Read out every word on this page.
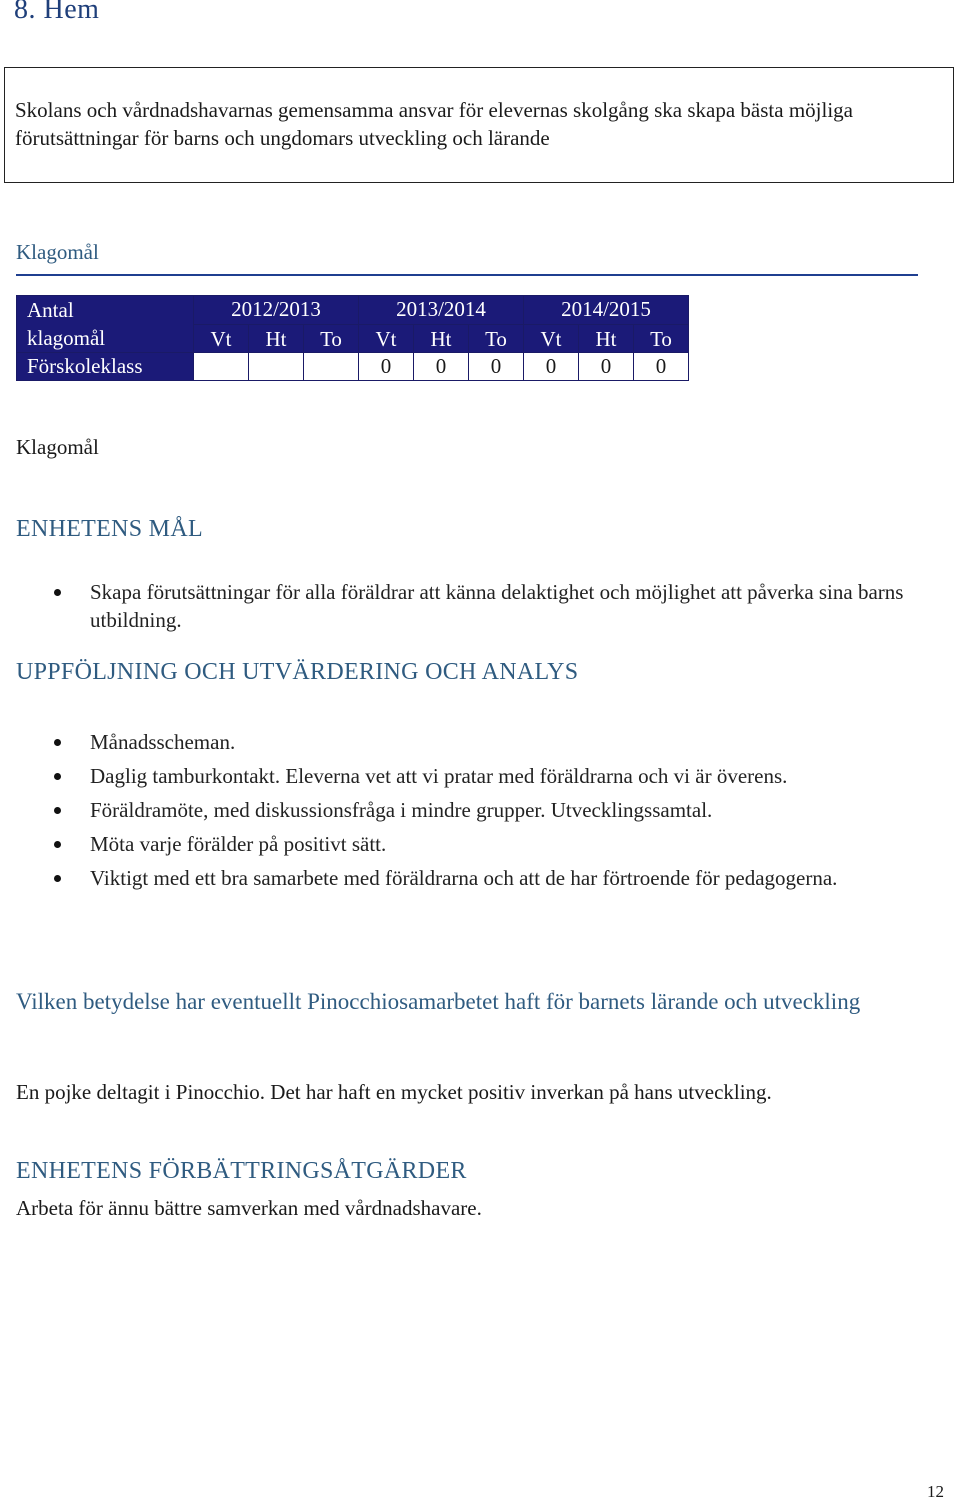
8. Hem
Skolans och vårdnadshavarnas gemensamma ansvar för elevernas skolgång ska skapa bästa möjliga förutsättningar för barns och ungdomars utveckling och lärande
Klagomål
Antal
klagomål	2012/2013			2013/2014			2014/2015		
	Vt	Ht	To	Vt	Ht	To	Vt	Ht	To
Förskoleklass				0	0	0	0	0	0
Klagomål
ENHETENS MÅL
Skapa förutsättningar för alla föräldrar att känna delaktighet och möjlighet att påverka sina barns utbildning.
UPPFÖLJNING OCH UTVÄRDERING OCH ANALYS
Månadsscheman.
Daglig tamburkontakt. Eleverna vet att vi pratar med föräldrarna och vi är överens.
Föräldramöte, med diskussionsfråga i mindre grupper. Utvecklingssamtal.
Möta varje förälder på positivt sätt.
Viktigt med ett bra samarbete med föräldrarna och att de har förtroende för pedagogerna.
Vilken betydelse har eventuellt Pinocchiosamarbetet haft för barnets lärande och utveckling
En pojke deltagit i Pinocchio. Det har haft en mycket positiv inverkan på hans utveckling.
ENHETENS FÖRBÄTTRINGSÅTGÄRDER
Arbeta för ännu bättre samverkan med vårdnadshavare.
12
